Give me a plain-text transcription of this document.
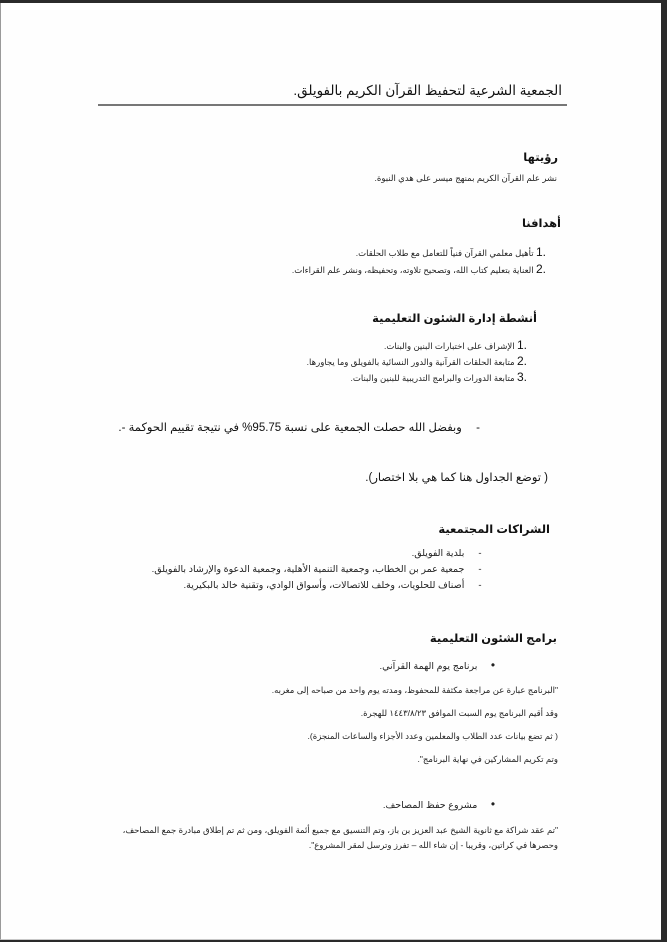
الجمعية الشرعية لتحفيظ القرآن الكريم بالفويلق.
رؤيتها
نشر علم القرآن الكريم بمنهج ميسر على هدي النبوة.
أهدافنا
1. تأهيل معلمي القرآن فنياً للتعامل مع طلاب الحلقات.
2. العناية بتعليم كتاب الله، وتصحيح تلاوته، وتحفيظه، ونشر علم القراءات.
أنشطة إدارة الشئون التعليمية
1. الإشراف على اختبارات البنين والبنات.
2. متابعة الحلقات القرآنية والدور النسائية بالفويلق وما يجاورها.
3. متابعة الدورات والبرامج التدريبية للبنين والبنات.
- وبفضل الله حصلت الجمعية على نسبة 95.75% في نتيجة تقييم الحوكمة -.
( توضع الجداول هنا كما هي بلا اختصار).
الشراكات المجتمعية
- بلدية الفويلق.
- جمعية عمر بن الخطاب، وجمعية التنمية الأهلية، وجمعية الدعوة والإرشاد بالفويلق.
- أصناف للحلويات، وخلف للاتصالات، وأسواق الوادي، وتقنية خالد بالبكيرية.
برامج الشئون التعليمية
• برنامج يوم الهمة القرآني.
"البرنامج عبارة عن مراجعة مكثفة للمحفوظ، ومدته يوم واحد من صباحه إلى مغربه.
وقد أقيم البرنامج يوم السبت الموافق ١٤٤٣/٨/٢٣ للهجرة.
( ثم تضع بيانات عدد الطلاب والمعلمين وعدد الأجزاء والساعات المنجزة).
وتم تكريم المشاركين في نهاية البرنامج".
• مشروع حفظ المصاحف.
"تم عقد شراكة مع ثانوية الشيخ عبد العزيز بن باز، وتم التنسيق مع جميع أئمة الفويلق، ومن ثم تم إطلاق مبادرة جمع المصاحف،
وحصرها في كراتين، وقريبا - إن شاء الله – تفرز وترسل لمقر المشروع".
